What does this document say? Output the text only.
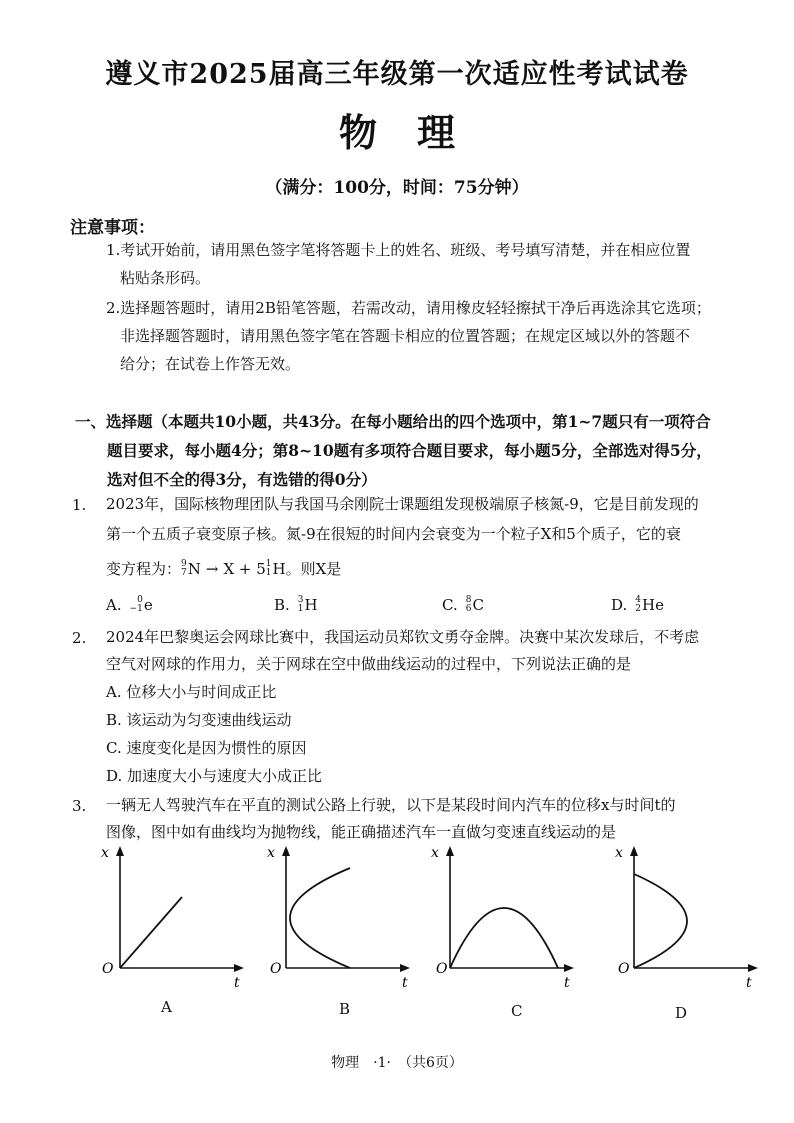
遵义市2025届高三年级第一次适应性考试试卷
物理
（满分：100分，时间：75分钟）
注意事项：
1.考试开始前，请用黑色签字笔将答题卡上的姓名、班级、考号填写清楚，并在相应位置
粘贴条形码。
2.选择题答题时，请用2B铅笔答题，若需改动，请用橡皮轻轻擦拭干净后再选涂其它选项；
非选择题答题时，请用黑色签字笔在答题卡相应的位置答题；在规定区域以外的答题不
给分；在试卷上作答无效。
一、选择题（本题共10小题，共43分。在每小题给出的四个选项中，第1~7题只有一项符合
题目要求，每小题4分；第8~10题有多项符合题目要求，每小题5分，全部选对得5分，
选对但不全的得3分，有选错的得0分）
1. 2023年，国际核物理团队与我国马余刚院士课题组发现极端原子核氮-9，它是目前发现的
第一个五质子衰变原子核。氮-9在很短的时间内会衰变为一个粒子X和5个质子，它的衰
变方程为： 9
7 N → X + 5 1
1 H 。则X是
A.	0
−1 e	B. 3
1 H	C. 8
6 C	D. 4
2 He
2. 2024年巴黎奥运会网球比赛中，我国运动员郑钦文勇夺金牌。决赛中某次发球后，不考虑
空气对网球的作用力，关于网球在空中做曲线运动的过程中，下列说法正确的是
A. 位移大小与时间成正比
B. 该运动为匀变速曲线运动
C. 速度变化是因为惯性的原因
D. 加速度大小与速度大小成正比
3. 一辆无人驾驶汽车在平直的测试公路上行驶，以下是某段时间内汽车的位移x与时间t的
图像，图中如有曲线均为抛物线，能正确描述汽车一直做匀变速直线运动的是
x
O
t
x
O
t
x
O
t
x
O
t
A	B	C	D
物理　·1·　（共6页）
